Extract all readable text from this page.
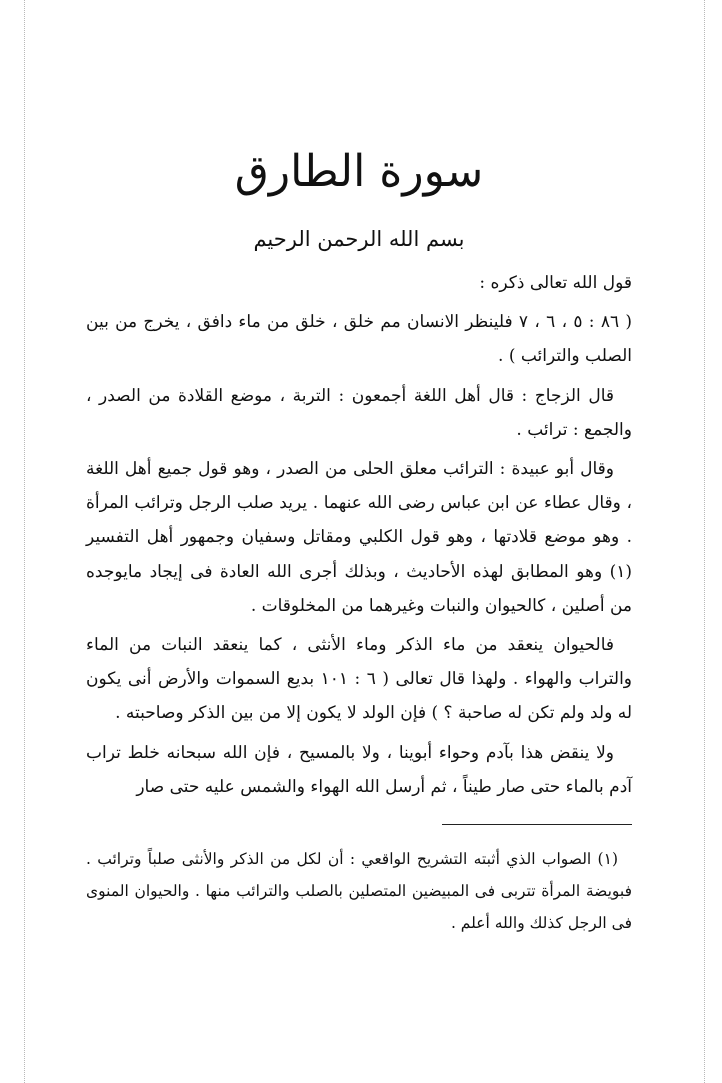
سورة الطارق
بسم الله الرحمن الرحيم

قول الله تعالى ذكره :

( ٨٦ : ٥ ، ٦ ، ٧ فلينظر الانسان مم خلق ، خلق من ماء دافق ، يخرج من بين الصلب والترائب ) .

قال الزجاج : قال أهل اللغة أجمعون : التربة ، موضع القلادة من الصدر ، والجمع : ترائب .

وقال أبو عبيدة : الترائب معلق الحلى من الصدر ، وهو قول جميع أهل اللغة ، وقال عطاء عن ابن عباس رضى الله عنهما . يريد صلب الرجل وترائب المرأة . وهو موضع قلادتها ، وهو قول الكلبي ومقاتل وسفيان وجمهور أهل التفسير (١) وهو المطابق لهذه الأحاديث ، وبذلك أجرى الله العادة فى إيجاد مايوجده من أصلين ، كالحيوان والنبات وغيرهما من المخلوقات .

فالحيوان ينعقد من ماء الذكر وماء الأنثى ، كما ينعقد النبات من الماء والتراب والهواء . ولهذا قال تعالى ( ٦ : ١٠١ بديع السموات والأرض أنى يكون له ولد ولم تكن له صاحبة ؟ ) فإن الولد لا يكون إلا من بين الذكر وصاحبته .

ولا ينقض هذا بآدم وحواء أبوينا ، ولا بالمسيح ، فإن الله سبحانه خلط تراب آدم بالماء حتى صار طيناً ، ثم أرسل الله الهواء والشمس عليه حتى صار

(١) الصواب الذي أثبته التشريح الواقعي : أن لكل من الذكر والأنثى صلباً وترائب . فبويضة المرأة تتربى فى المبيضين المتصلين بالصلب والترائب منها . والحيوان المنوى فى الرجل كذلك والله أعلم .
